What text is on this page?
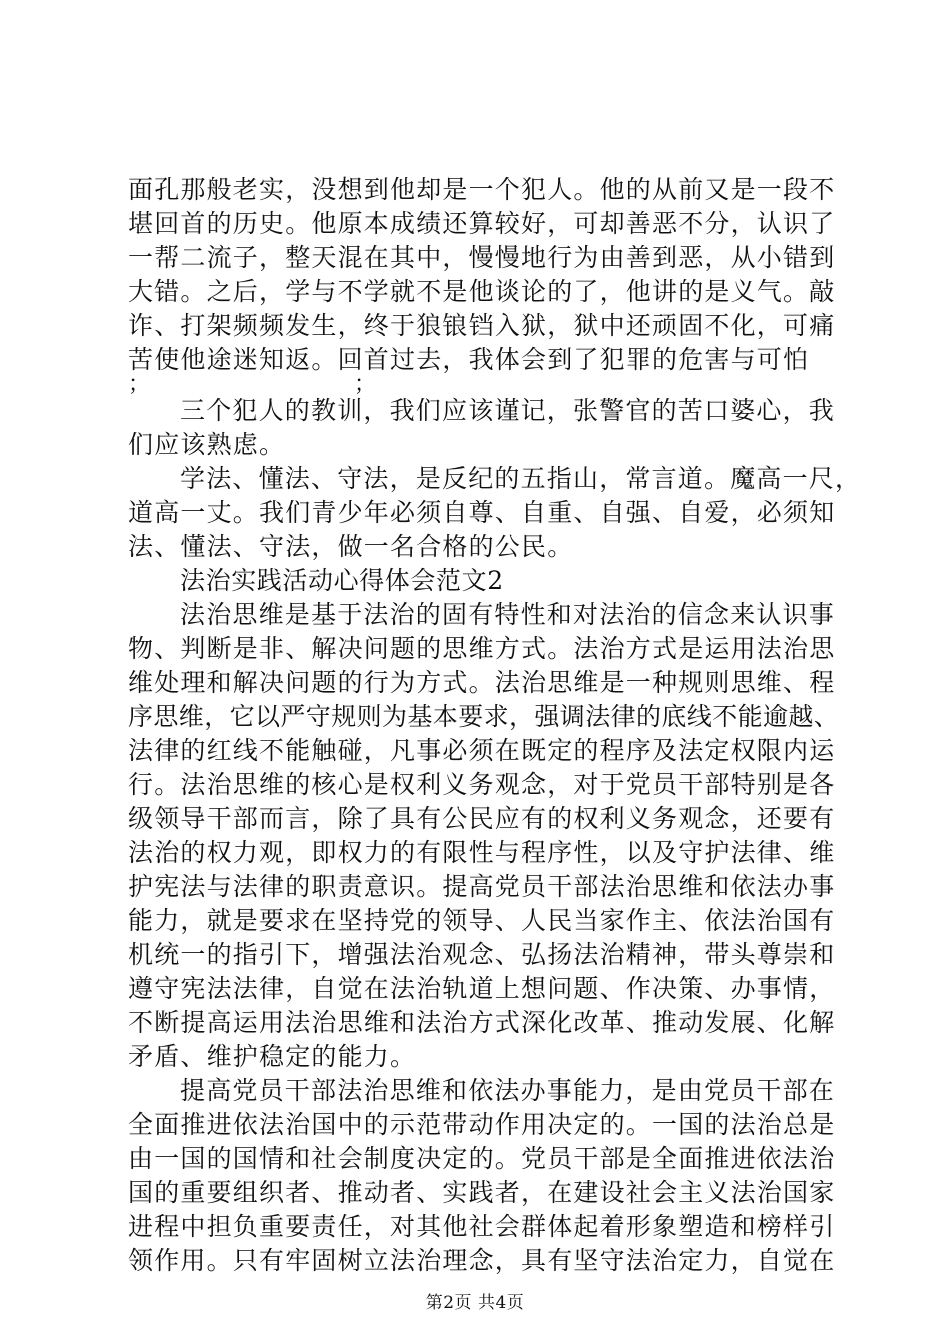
面孔那般老实，没想到他却是一个犯人。他的从前又是一段不
堪回首的历史。他原本成绩还算较好，可却善恶不分，认识了
一帮二流子，整天混在其中，慢慢地行为由善到恶，从小错到
大错。之后，学与不学就不是他谈论的了，他讲的是义气。敲
诈、打架频频发生，终于狼锒铛入狱，狱中还顽固不化，可痛
苦使他途迷知返。回首过去，我体会到了犯罪的危害与可怕
；	；
三个犯人的教训，我们应该谨记，张警官的苦口婆心，我
们应该熟虑。
学法、懂法、守法，是反纪的五指山，常言道。魔高一尺，
道高一丈。我们青少年必须自尊、自重、自强、自爱，必须知
法、懂法、守法，做一名合格的公民。
法治实践活动心得体会范文2
法治思维是基于法治的固有特性和对法治的信念来认识事
物、判断是非、解决问题的思维方式。法治方式是运用法治思
维处理和解决问题的行为方式。法治思维是一种规则思维、程
序思维，它以严守规则为基本要求，强调法律的底线不能逾越、
法律的红线不能触碰，凡事必须在既定的程序及法定权限内运
行。法治思维的核心是权利义务观念，对于党员干部特别是各
级领导干部而言，除了具有公民应有的权利义务观念，还要有
法治的权力观，即权力的有限性与程序性，以及守护法律、维
护宪法与法律的职责意识。提高党员干部法治思维和依法办事
能力，就是要求在坚持党的领导、人民当家作主、依法治国有
机统一的指引下，增强法治观念、弘扬法治精神，带头尊崇和
遵守宪法法律，自觉在法治轨道上想问题、作决策、办事情，
不断提高运用法治思维和法治方式深化改革、推动发展、化解
矛盾、维护稳定的能力。
提高党员干部法治思维和依法办事能力，是由党员干部在
全面推进依法治国中的示范带动作用决定的。一国的法治总是
由一国的国情和社会制度决定的。党员干部是全面推进依法治
国的重要组织者、推动者、实践者，在建设社会主义法治国家
进程中担负重要责任，对其他社会群体起着形象塑造和榜样引
领作用。只有牢固树立法治理念，具有坚守法治定力，自觉在
第2页 共4页
